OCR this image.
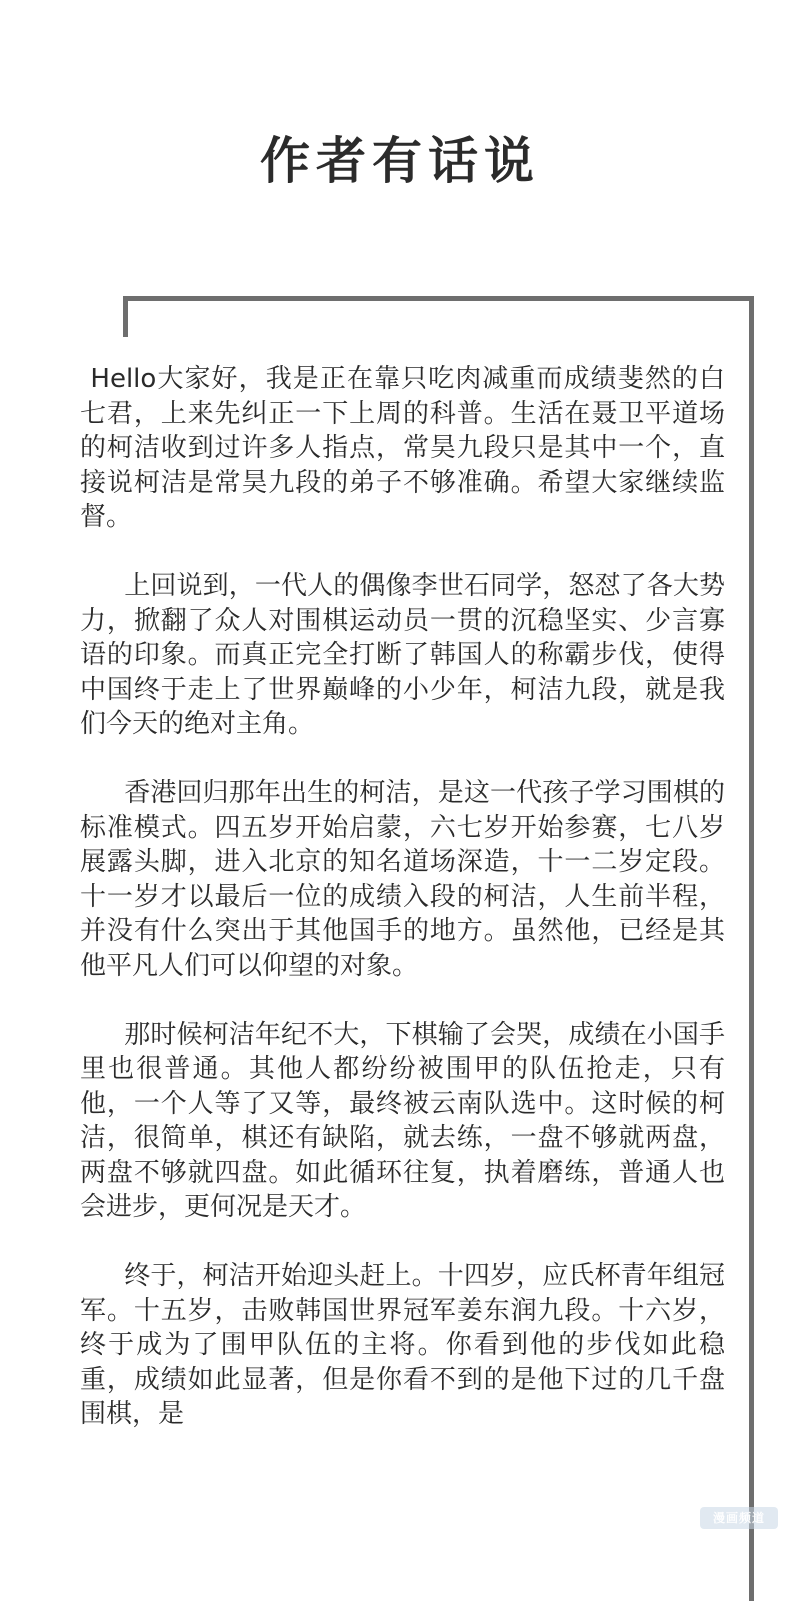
作者有话说

Hello大家好，我是正在靠只吃肉减重而成绩斐然的白七君，上来先纠正一下上周的科普。生活在聂卫平道场的柯洁收到过许多人指点，常昊九段只是其中一个，直接说柯洁是常昊九段的弟子不够准确。希望大家继续监督。

上回说到，一代人的偶像李世石同学，怒怼了各大势力，掀翻了众人对围棋运动员一贯的沉稳坚实、少言寡语的印象。而真正完全打断了韩国人的称霸步伐，使得中国终于走上了世界巅峰的小少年，柯洁九段，就是我们今天的绝对主角。

香港回归那年出生的柯洁，是这一代孩子学习围棋的标准模式。四五岁开始启蒙，六七岁开始参赛，七八岁展露头脚，进入北京的知名道场深造，十一二岁定段。十一岁才以最后一位的成绩入段的柯洁，人生前半程，并没有什么突出于其他国手的地方。虽然他，已经是其他平凡人们可以仰望的对象。

那时候柯洁年纪不大，下棋输了会哭，成绩在小国手里也很普通。其他人都纷纷被围甲的队伍抢走，只有他，一个人等了又等，最终被云南队选中。这时候的柯洁，很简单，棋还有缺陷，就去练，一盘不够就两盘，两盘不够就四盘。如此循环往复，执着磨练，普通人也会进步，更何况是天才。

终于，柯洁开始迎头赶上。十四岁，应氏杯青年组冠军。十五岁，击败韩国世界冠军姜东润九段。十六岁，终于成为了围甲队伍的主将。你看到他的步伐如此稳重，成绩如此显著，但是你看不到的是他下过的几千盘围棋，是

漫画频道
